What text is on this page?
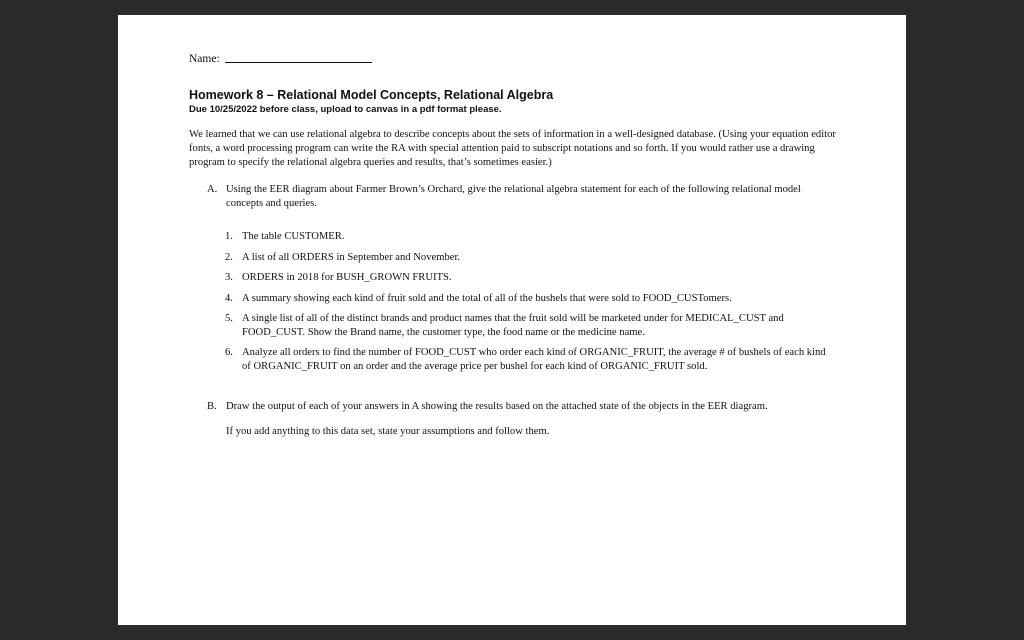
Name:
Homework 8 – Relational Model Concepts, Relational Algebra
Due 10/25/2022 before class, upload to canvas in a pdf format please.
We learned that we can use relational algebra to describe concepts about the sets of information in a well-designed database. (Using your equation editor fonts, a word processing program can write the RA with special attention paid to subscript notations and so forth. If you would rather use a drawing program to specify the relational algebra queries and results, that’s sometimes easier.)
A. Using the EER diagram about Farmer Brown’s Orchard, give the relational algebra statement for each of the following relational model concepts and queries.
1. The table CUSTOMER.
2. A list of all ORDERS in September and November.
3. ORDERS in 2018 for BUSH_GROWN FRUITS.
4. A summary showing each kind of fruit sold and the total of all of the bushels that were sold to FOOD_CUSTomers.
5. A single list of all of the distinct brands and product names that the fruit sold will be marketed under for MEDICAL_CUST and FOOD_CUST. Show the Brand name, the customer type, the food name or the medicine name.
6. Analyze all orders to find the number of FOOD_CUST who order each kind of ORGANIC_FRUIT, the average # of bushels of each kind of ORGANIC_FRUIT on an order and the average price per bushel for each kind of ORGANIC_FRUIT sold.
B. Draw the output of each of your answers in A showing the results based on the attached state of the objects in the EER diagram.
If you add anything to this data set, state your assumptions and follow them.
